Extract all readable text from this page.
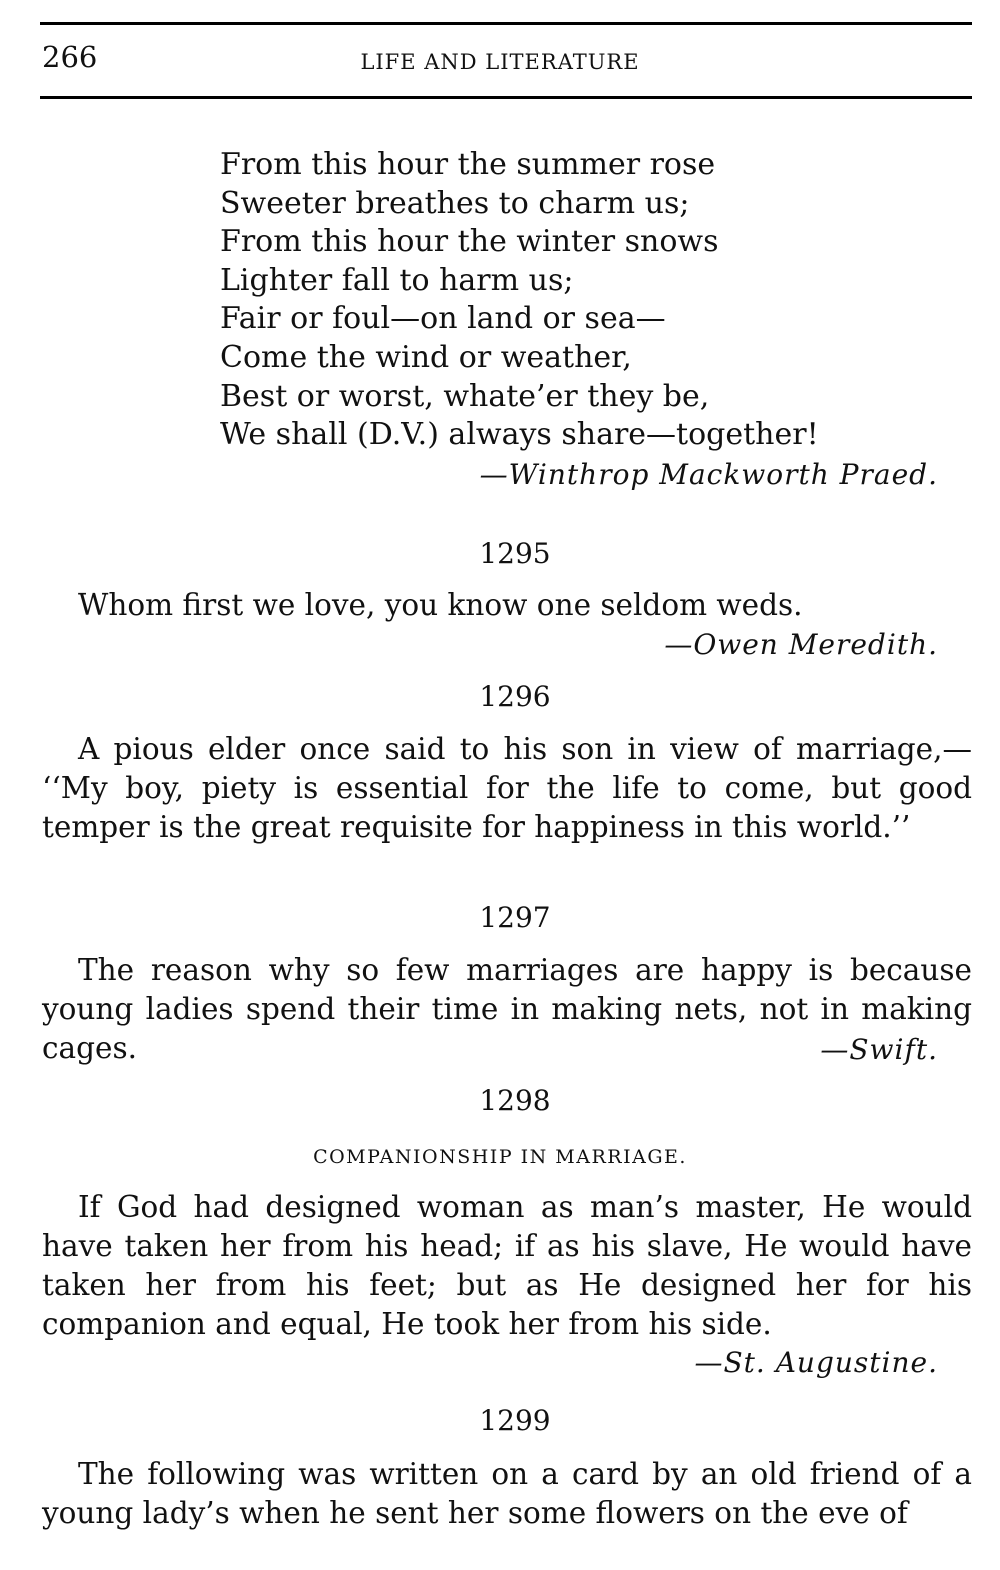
266	LIFE AND LITERATURE
From this hour the summer rose
Sweeter breathes to charm us;
From this hour the winter snows
Lighter fall to harm us;
Fair or foul—on land or sea—
Come the wind or weather,
Best or worst, whate’er they be,
We shall (D.V.) always share—together!
—Winthrop Mackworth Praed.
1295
Whom first we love, you know one seldom weds.
—Owen Meredith.
1296
A pious elder once said to his son in view of marriage,— ‘‘My boy, piety is essential for the life to come, but good temper is the great requisite for happiness in this world.’’
1297
The reason why so few marriages are happy is because young ladies spend their time in making nets, not in making cages.	—Swift.
1298
COMPANIONSHIP IN MARRIAGE.
If God had designed woman as man’s master, He would have taken her from his head; if as his slave, He would have taken her from his feet; but as He designed her for his companion and equal, He took her from his side.
—St. Augustine.
1299
The following was written on a card by an old friend of a young lady’s when he sent her some flowers on the eve of
